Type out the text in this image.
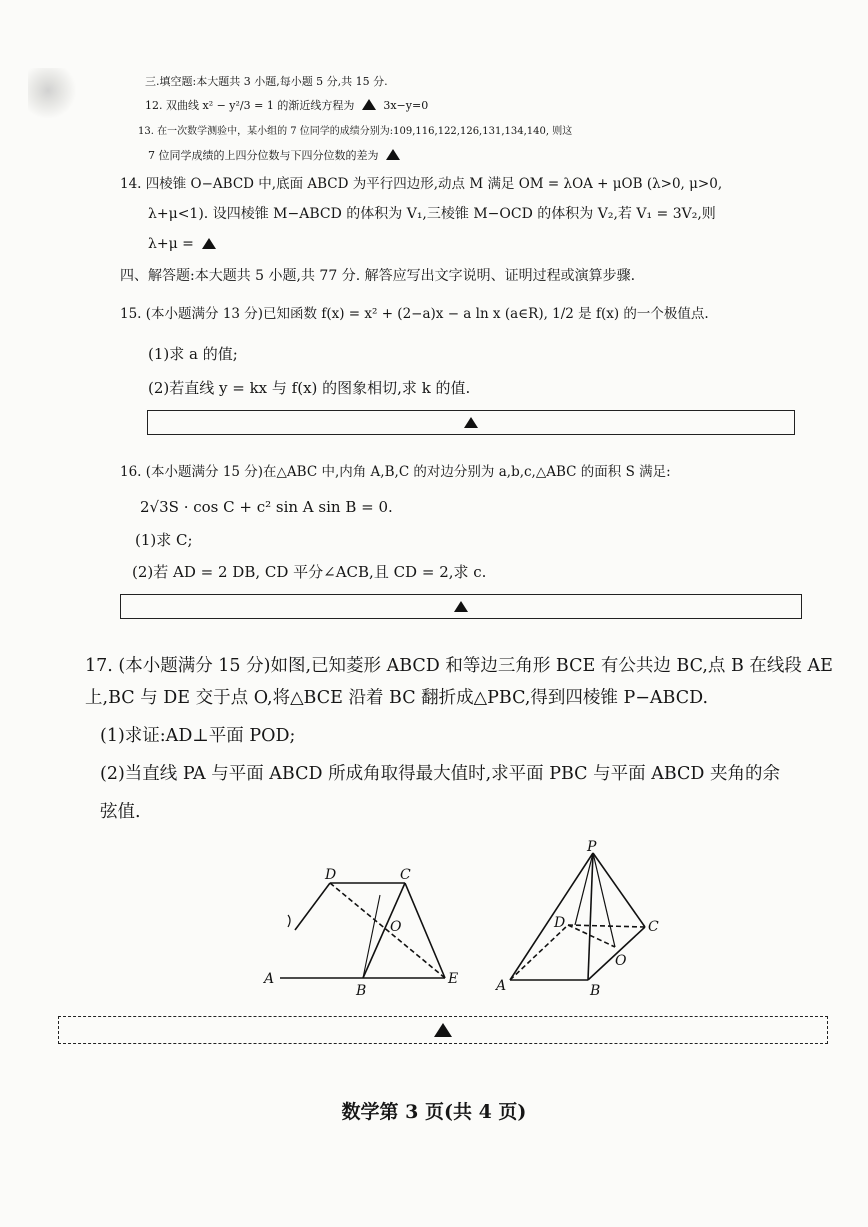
三.填空题:本大题共 3 小题,每小题 5 分,共 15 分.
12. 双曲线 x² − y²/3 = 1 的渐近线方程为	3x−y=0
13. 在一次数学测验中，某小组的 7 位同学的成绩分别为:109,116,122,126,131,134,140, 则这
7 位同学成绩的上四分位数与下四分位数的差为
14. 四棱锥 O−ABCD 中,底面 ABCD 为平行四边形,动点 M 满足 OM = λOA + μOB (λ>0, μ>0,
λ+μ<1). 设四棱锥 M−ABCD 的体积为 V₁,三棱锥 M−OCD 的体积为 V₂,若 V₁ = 3V₂,则
λ+μ =
四、解答题:本大题共 5 小题,共 77 分. 解答应写出文字说明、证明过程或演算步骤.
15. (本小题满分 13 分)已知函数 f(x) = x² + (2−a)x − a ln x (a∈R), 1/2 是 f(x) 的一个极值点.
(1)求 a 的值;
(2)若直线 y = kx 与 f(x) 的图象相切,求 k 的值.
16. (本小题满分 15 分)在△ABC 中,内角 A,B,C 的对边分别为 a,b,c,△ABC 的面积 S 满足:
2√3S · cos C + c² sin A sin B = 0.
(1)求 C;
(2)若 AD = 2 DB, CD 平分∠ACB,且 CD = 2,求 c.
17. (本小题满分 15 分)如图,已知菱形 ABCD 和等边三角形 BCE 有公共边 BC,点 B 在线段 AE
上,BC 与 DE 交于点 O,将△BCE 沿着 BC 翻折成△PBC,得到四棱锥 P−ABCD.
(1)求证:AD⊥平面 POD;
(2)当直线 PA 与平面 ABCD 所成角取得最大值时,求平面 PBC 与平面 ABCD 夹角的余
弦值.
D	C
O
A
B
E
P
D	C
O
A	B
数学第 3 页(共 4 页)
